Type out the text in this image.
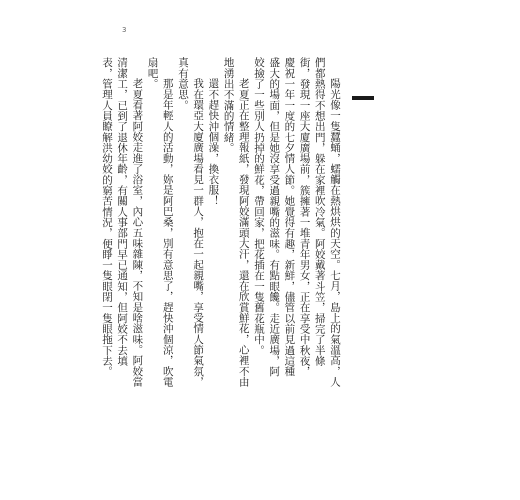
3

陽光像一隻蠶蛹，蠕觸在熱烘烘的天空。七月，島上的氣溫高，人們都熱得不想出門，躲在家裡吹冷氣。阿姣戴著斗笠，掃完了半條街，發現一座大廈廣場前，簇擁著一堆青年男女，正在享受中秋夜，慶祝一年一度的七夕情人節。她覺得有趣，新鮮，儘管以前見過這種盛大的場面，但是她沒享受過親嘴的滋味。有點眼饞。走近廣場，阿姣撿了一些別人扔掉的鮮花，帶回家，把花插在一隻舊花瓶中。

老夏正在整理報紙，發現阿姣滿頭大汗，還在欣賞鮮花，心裡不由地湧出不滿的情緒。

還不趕快沖個澡，換衣服！

我在環亞大廈廣場看見一群人，抱在一起親嘴，享受情人節氣氛，真有意思。

那是年輕人的活動，妳是阿巴桑，別有意思了，趕快沖個涼，吹電扇吧。

老夏看著阿姣走進了浴室，內心五味雜陳，不知是啥滋味。阿姣當清潔工，已到了退休年齡，有關人事部門早已通知，但阿姣不去填表，管理人員瞭解洪幼姣的窮苦情況，便睜一隻眼閉一隻眼拖下去。
